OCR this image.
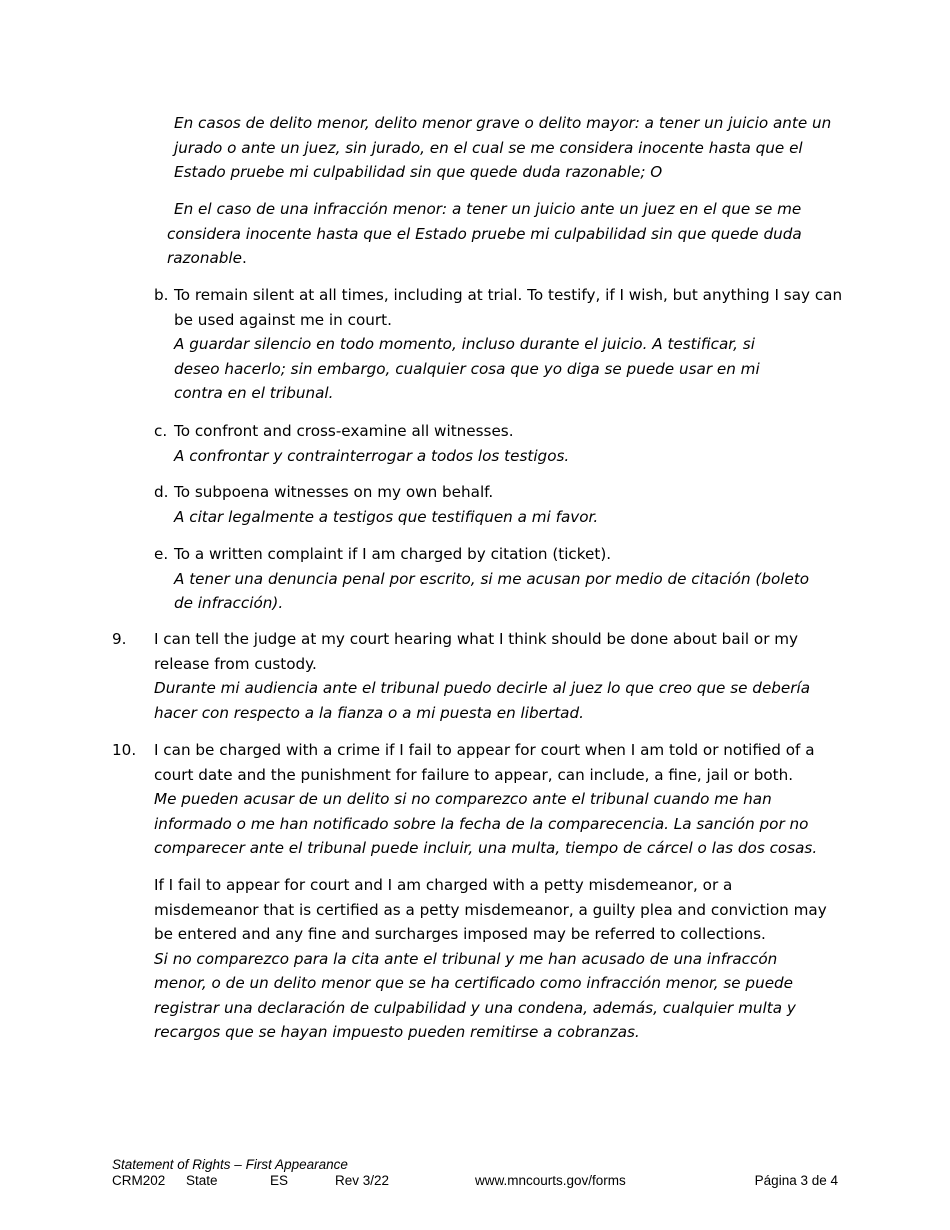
En casos de delito menor, delito menor grave o delito mayor: a tener un juicio ante un jurado o ante un juez, sin jurado, en el cual se me considera inocente hasta que el Estado pruebe mi culpabilidad sin que quede duda razonable; O
En el caso de una infracción menor: a tener un juicio ante un juez en el que se me considera inocente hasta que el Estado pruebe mi culpabilidad sin que quede duda razonable.
b. To remain silent at all times, including at trial. To testify, if I wish, but anything I say can be used against me in court.
A guardar silencio en todo momento, incluso durante el juicio. A testificar, si deseo hacerlo; sin embargo, cualquier cosa que yo diga se puede usar en mi contra en el tribunal.
c. To confront and cross-examine all witnesses.
A confrontar y contrainterrogar a todos los testigos.
d. To subpoena witnesses on my own behalf.
A citar legalmente a testigos que testifiquen a mi favor.
e. To a written complaint if I am charged by citation (ticket).
A tener una denuncia penal por escrito, si me acusan por medio de citación (boleto de infracción).
9. I can tell the judge at my court hearing what I think should be done about bail or my release from custody.
Durante mi audiencia ante el tribunal puedo decirle al juez lo que creo que se debería hacer con respecto a la fianza o a mi puesta en libertad.
10. I can be charged with a crime if I fail to appear for court when I am told or notified of a court date and the punishment for failure to appear, can include, a fine, jail or both.
Me pueden acusar de un delito si no comparezco ante el tribunal cuando me han informado o me han notificado sobre la fecha de la comparecencia. La sanción por no comparecer ante el tribunal puede incluir, una multa, tiempo de cárcel o las dos cosas.
If I fail to appear for court and I am charged with a petty misdemeanor, or a misdemeanor that is certified as a petty misdemeanor, a guilty plea and conviction may be entered and any fine and surcharges imposed may be referred to collections.
Si no comparezco para la cita ante el tribunal y me han acusado de una infraccón menor, o de un delito menor que se ha certificado como infracción menor, se puede registrar una declaración de culpabilidad y una condena, además, cualquier multa y recargos que se hayan impuesto pueden remitirse a cobranzas.
Statement of Rights – First Appearance
CRM202 State	ES	Rev 3/22	www.mncourts.gov/forms	Página 3 de 4
